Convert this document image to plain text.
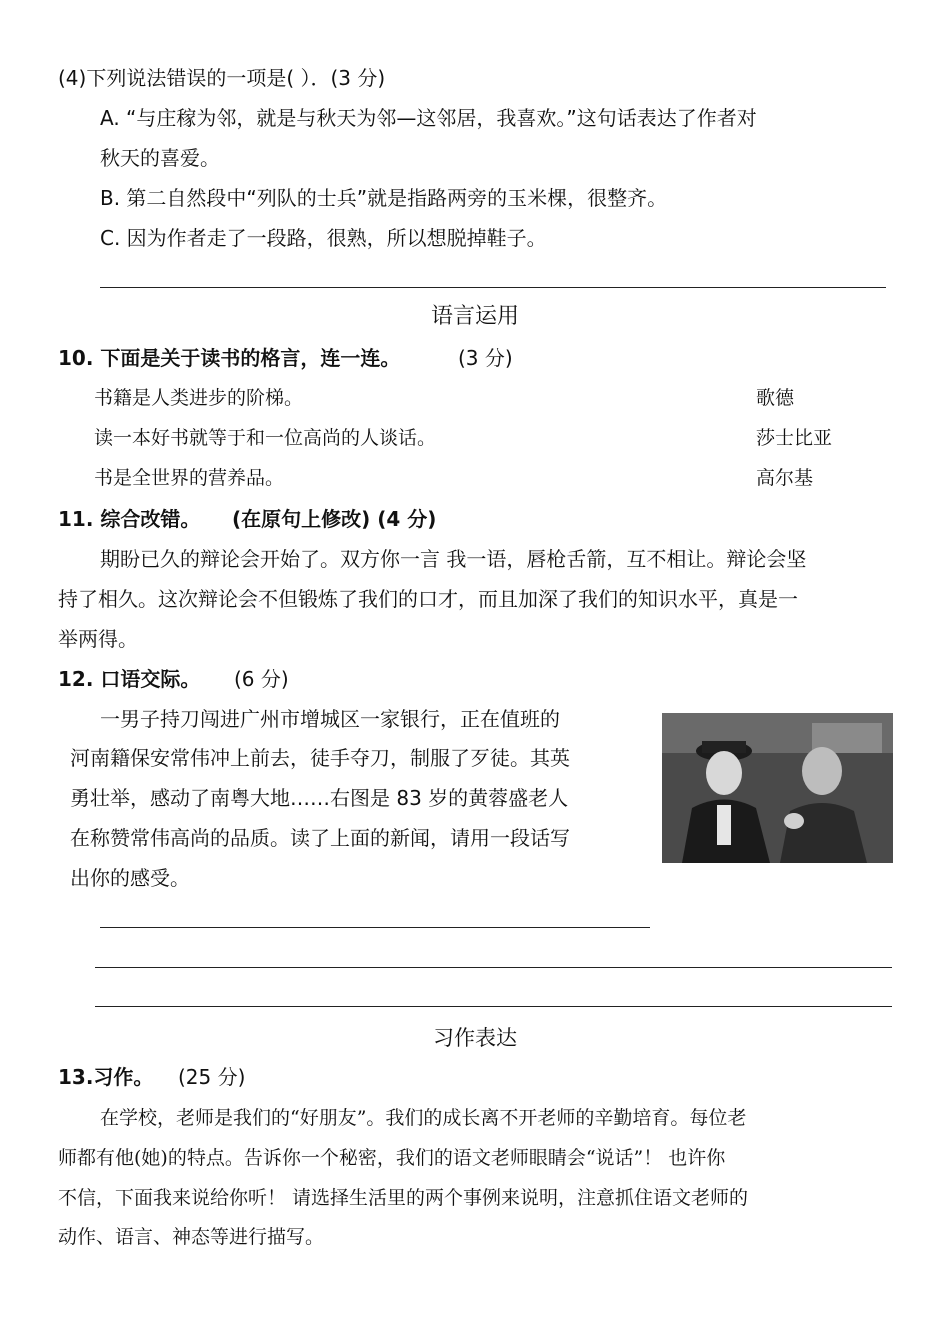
(4)下列说法错误的一项是( ）．(3 分)
A. “与庄稼为邻，就是与秋天为邻—这邻居，我喜欢。”这句话表达了作者对
秋天的喜爱。
B. 第二自然段中“列队的士兵”就是指路两旁的玉米棵，很整齐。
C. 因为作者走了一段路，很熟，所以想脱掉鞋子。
语言运用
10. 下面是关于读书的格言，连一连。	(3 分)
书籍是人类进步的阶梯。
读一本好书就等于和一位高尚的人谈话。
书是全世界的营养品。
歌德
莎士比亚
高尔基
11. 综合改错。 (在原句上修改) (4 分)
期盼已久的辩论会开始了。双方你一言 我一语，唇枪舌箭，互不相让。辩论会坚
持了相久。这次辩论会不但锻炼了我们的口才，而且加深了我们的知识水平，真是一
举两得。
12. 口语交际。 (6 分)
一男子持刀闯进广州市增城区一家银行，正在值班的
河南籍保安常伟冲上前去，徒手夺刀，制服了歹徒。其英
勇壮举，感动了南粤大地……右图是 83 岁的黄蓉盛老人
在称赞常伟高尚的品质。读了上面的新闻，请用一段话写
出你的感受。
习作表达
13.习作。 (25 分)
在学校，老师是我们的“好朋友”。我们的成长离不开老师的辛勤培育。每位老
师都有他(她)的特点。告诉你一个秘密，我们的语文老师眼睛会“说话”！ 也许你
不信，下面我来说给你听！ 请选择生活里的两个事例来说明，注意抓住语文老师的
动作、语言、神态等进行描写。
